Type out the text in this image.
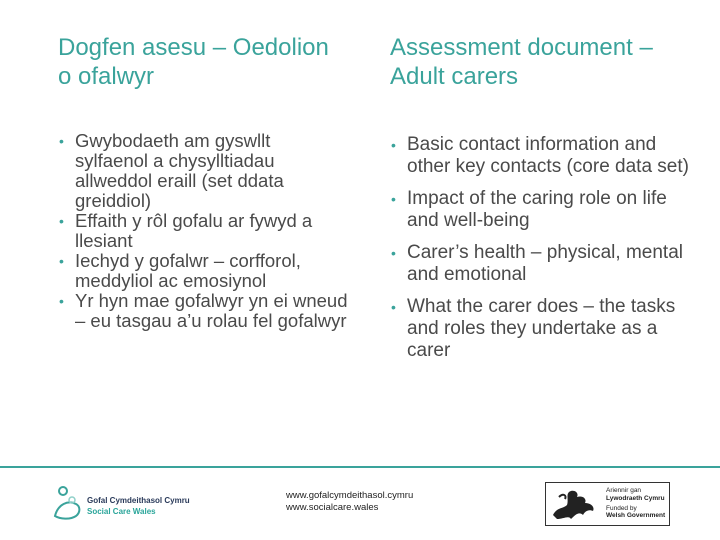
Dogfen asesu – Oedolion o ofalwyr
Assessment document – Adult carers
• Gwybodaeth am gyswllt sylfaenol a chysylltiadau allweddol eraill (set ddata greiddiol)
• Effaith y rôl gofalu ar fywyd a llesiant
• Iechyd y gofalwr – corfforol, meddyliol ac emosiynol
• Yr hyn mae gofalwyr yn ei wneud – eu tasgau a’u rolau fel gofalwyr
• Basic contact information and other key contacts (core data set)
• Impact of the caring role on life and well-being
• Carer’s health – physical, mental and emotional
• What the carer does – the tasks and roles they undertake as a carer
Gofal Cymdeithasol Cymru
Social Care Wales
www.gofalcymdeithasol.cymru
www.socialcare.wales
Ariennir gan
Lywodraeth Cymru
Funded by
Welsh Government
